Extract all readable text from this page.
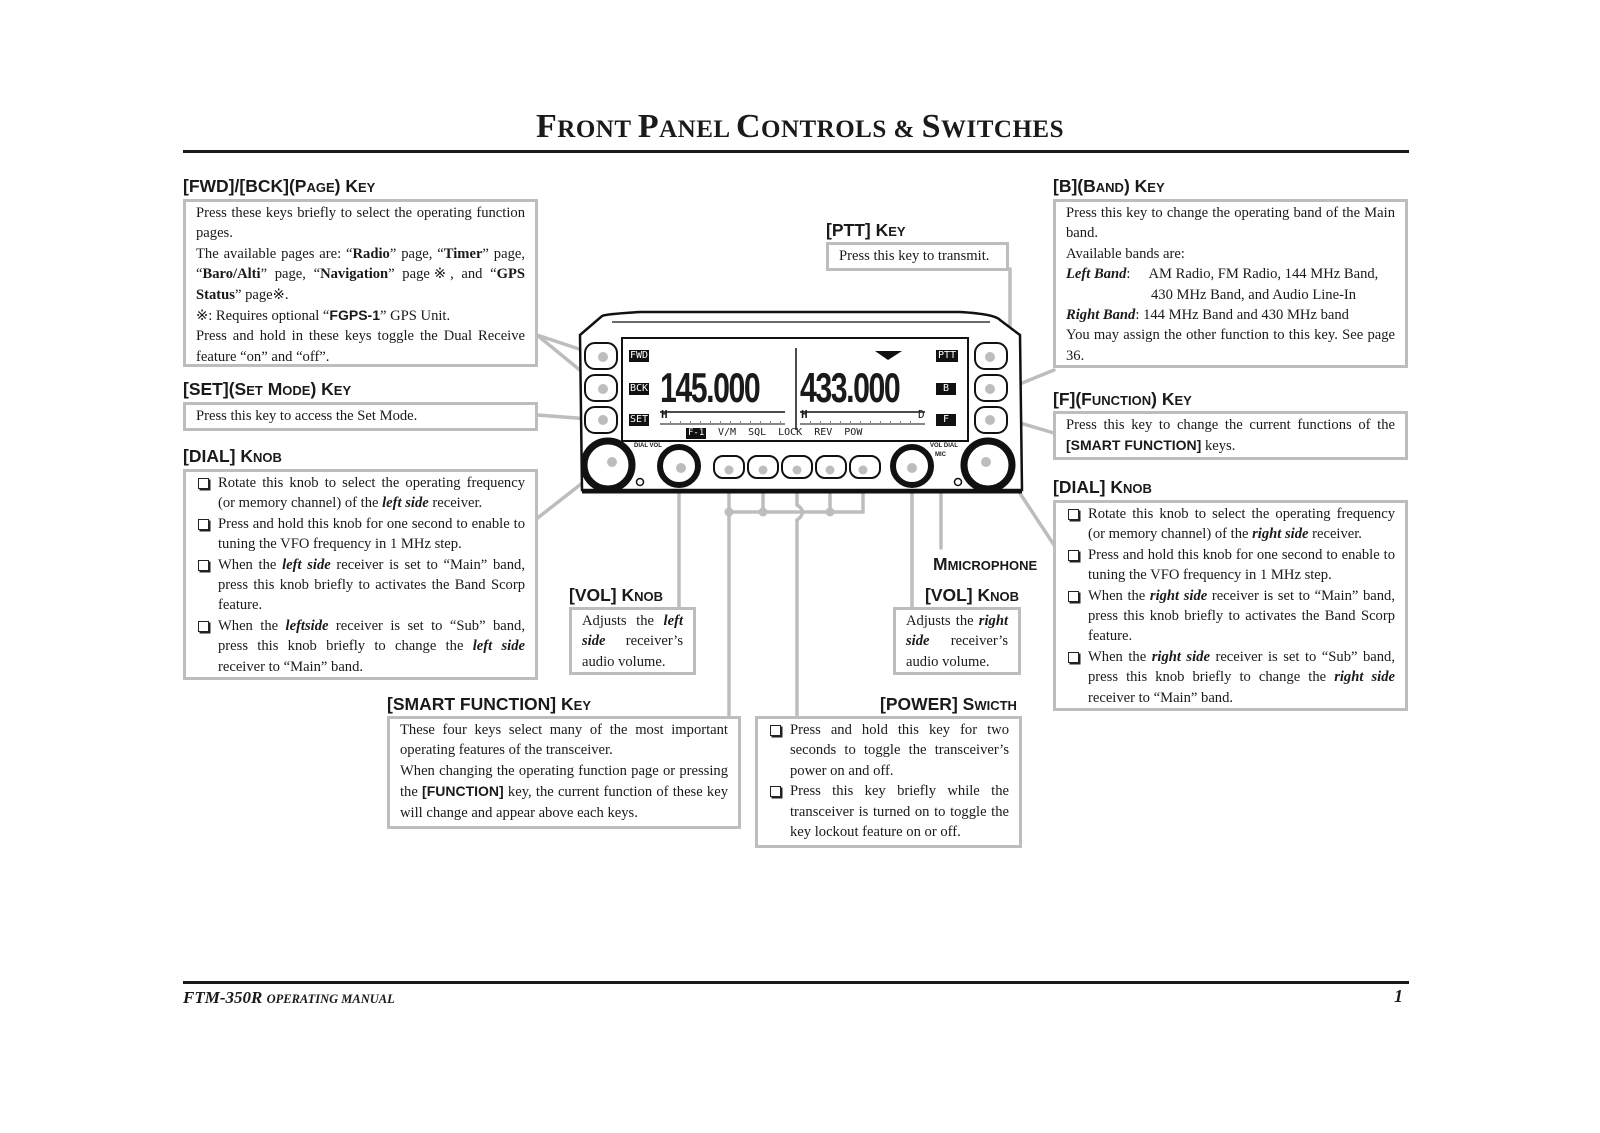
FRONT PANEL CONTROLS & SWITCHES
FWD
BCK
SET
PTT
B
F
145.000 433.000
H	H	D
F-1 V/M SQL LOCK REV POW
DIAL VOL	VOL DIAL
MIC
[FWD]/[BCK](PAGE) KEY
Press these keys briefly to select the operating function pages.
The available pages are: “Radio” page, “Timer” page, “Baro/Alti” page, “Navigation” page※, and “GPS Status” page※.
※: Requires optional “FGPS-1” GPS Unit.
Press and hold in these keys toggle the Dual Receive feature “on” and “off”.
[SET](SET MODE) KEY
Press this key to access the Set Mode.
[DIAL] KNOB
Rotate this knob to select the operating frequency (or memory channel) of the left side receiver.
Press and hold this knob for one second to enable to tuning the VFO frequency in 1 MHz step.
When the left side receiver is set to “Main” band, press this knob briefly to activates the Band Scorp feature.
When the leftside receiver is set to “Sub” band, press this knob briefly to change the left side receiver to “Main” band.
[PTT] KEY
Press this key to transmit.
[B](BAND) KEY
Press this key to change the operating band of the Main band.
Available bands are:
Left Band : AM Radio, FM Radio, 144 MHz Band,
430 MHz Band, and Audio Line-In
Right Band: 144 MHz Band and 430 MHz band
You may assign the other function to this key. See page 36.
[F](FUNCTION) KEY
Press this key to change the current functions of the [SMART FUNCTION] keys.
[DIAL] KNOB
Rotate this knob to select the operating frequency (or memory channel) of the right side receiver.
Press and hold this knob for one second to enable to tuning the VFO frequency in 1 MHz step.
When the right side receiver is set to “Main” band, press this knob briefly to activates the Band Scorp feature.
When the right side receiver is set to “Sub” band, press this knob briefly to change the right side receiver to “Main” band.
[VOL] KNOB
Adjusts the left side receiver’s audio volume.
MMICROPHONE
[VOL] KNOB
Adjusts the right side receiver’s audio volume.
[SMART FUNCTION] KEY
These four keys select many of the most important operating features of the transceiver.
When changing the operating function page or pressing the [FUNCTION] key, the current function of these key will change and appear above each keys.
[POWER] SWICTH
Press and hold this key for two seconds to toggle the transceiver’s power on and off.
Press this key briefly while the transceiver is turned on to toggle the key lockout feature on or off.
FTM-350R OPERATING MANUAL	1
